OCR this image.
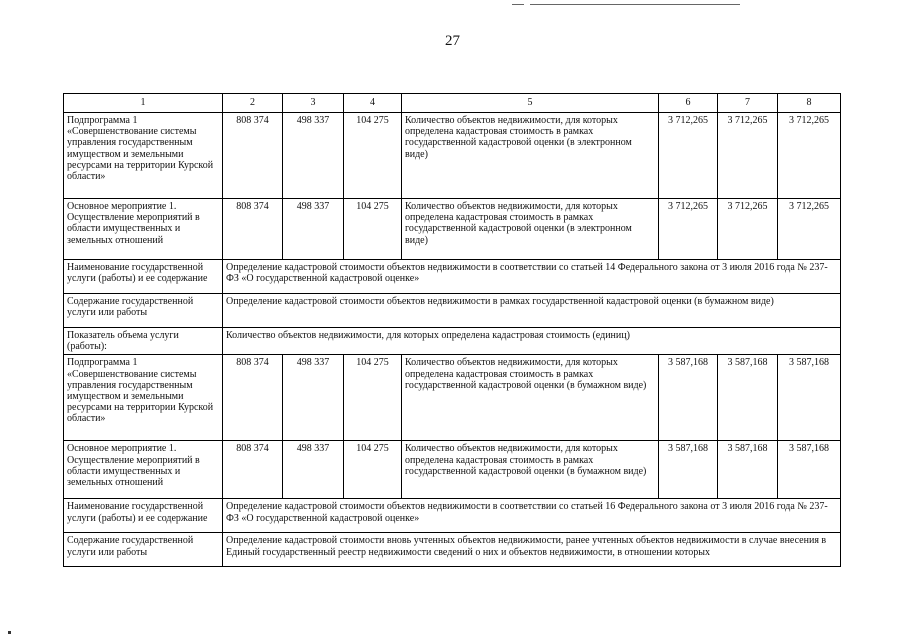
27
1	2	3	4	5	6	7	8
Подпрограмма 1 «Совершенствование системы управления государственным имуществом и земельными ресурсами на территории Курской области»	808 374	498 337	104 275	Количество объектов недвижимости, для которых определена кадастровая стоимость в рамках государственной кадастровой оценки (в электронном виде)	3 712,265	3 712,265	3 712,265
Основное мероприятие 1. Осуществление мероприятий в области имущественных и земельных отношений	808 374	498 337	104 275	Количество объектов недвижимости, для которых определена кадастровая стоимость в рамках государственной кадастровой оценки (в электронном виде)	3 712,265	3 712,265	3 712,265
Наименование государственной услуги (работы) и ее содержание	Определение кадастровой стоимости объектов недвижимости в соответствии со статьей 14 Федерального закона от 3 июля 2016 года № 237-ФЗ «О государственной кадастровой оценке»						
Содержание государственной услуги или работы	Определение кадастровой стоимости объектов недвижимости в рамках государственной кадастровой оценки (в бумажном виде)						
Показатель объема услуги (работы):	Количество объектов недвижимости, для которых определена кадастровая стоимость (единиц)						
Подпрограмма 1 «Совершенствование системы управления государственным имуществом и земельными ресурсами на территории Курской области»	808 374	498 337	104 275	Количество объектов недвижимости, для которых определена кадастровая стоимость в рамках государственной кадастровой оценки (в бумажном виде)	3 587,168	3 587,168	3 587,168
Основное мероприятие 1. Осуществление мероприятий в области имущественных и земельных отношений	808 374	498 337	104 275	Количество объектов недвижимости, для которых определена кадастровая стоимость в рамках государственной кадастровой оценки (в бумажном виде)	3 587,168	3 587,168	3 587,168
Наименование государственной услуги (работы) и ее содержание	Определение кадастровой стоимости объектов недвижимости в соответствии со статьей 16 Федерального закона от 3 июля 2016 года № 237-ФЗ «О государственной кадастровой оценке»						
Содержание государственной услуги или работы	Определение кадастровой стоимости вновь учтенных объектов недвижимости, ранее учтенных объектов недвижимости в случае внесения в Единый государственный реестр недвижимости сведений о них и объектов недвижимости, в отношении которых						
